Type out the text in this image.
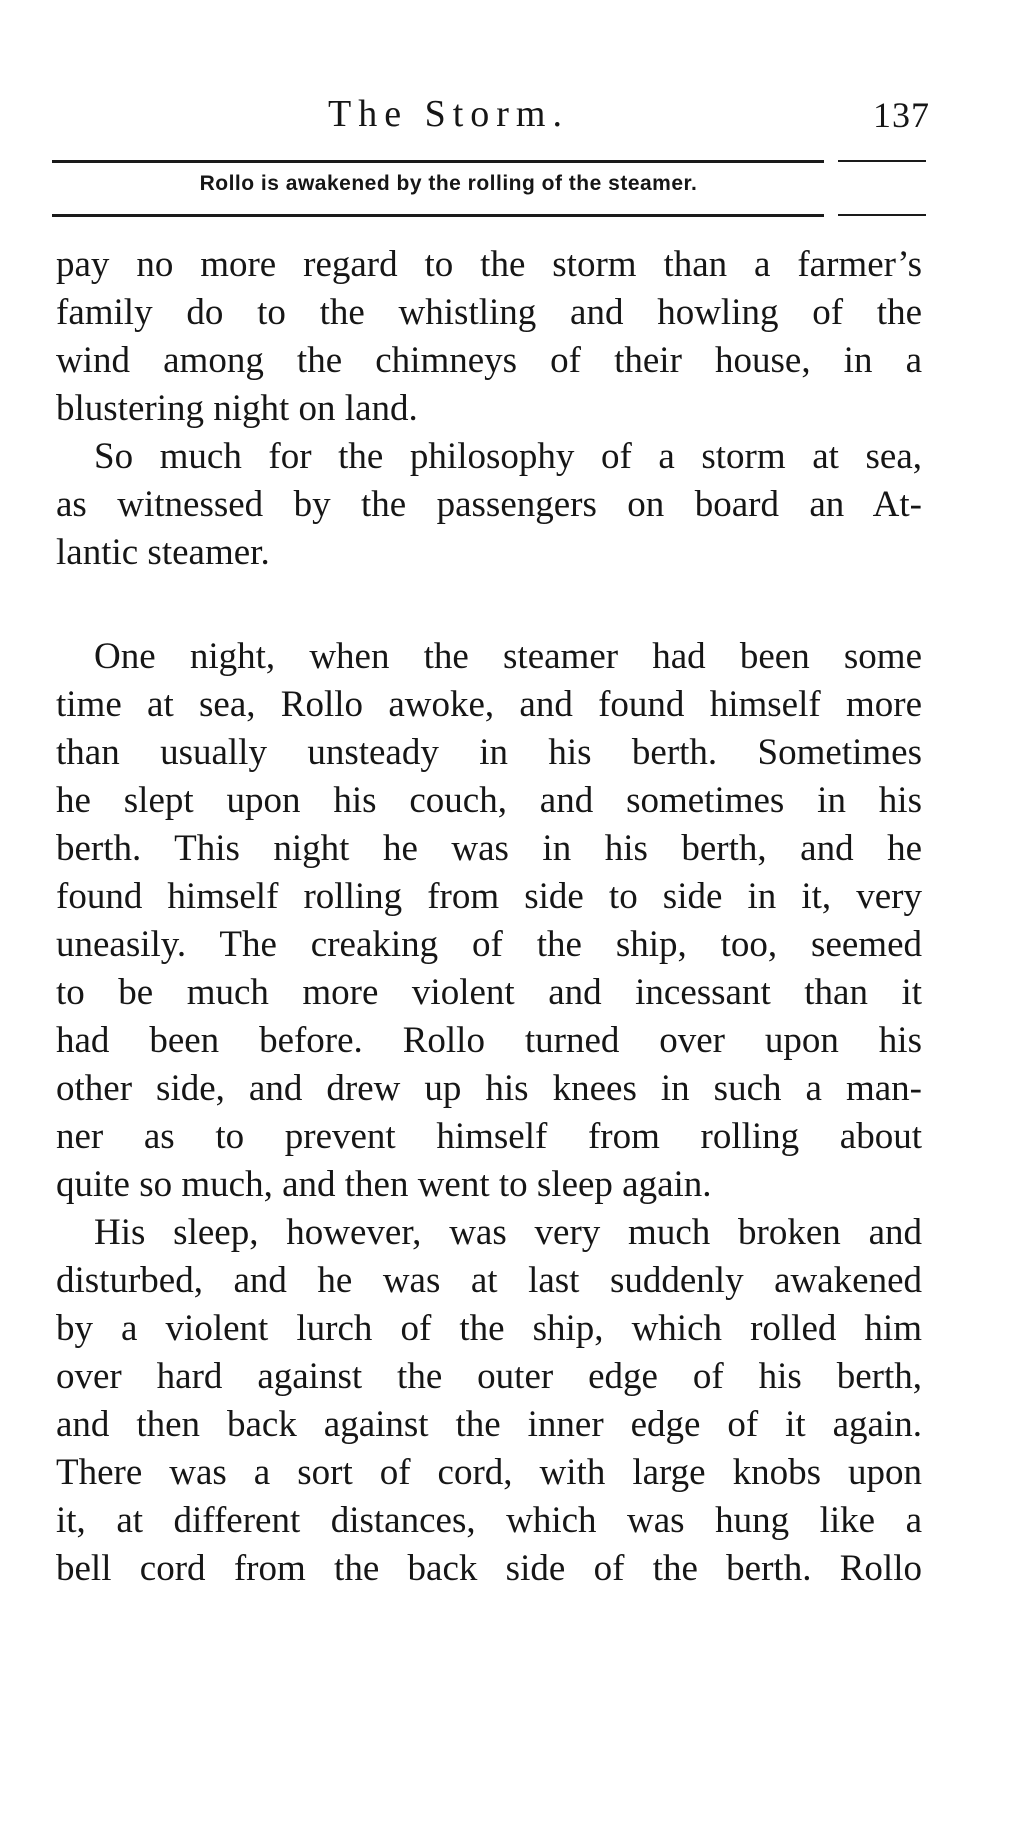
The Storm.	137
Rollo is awakened by the rolling of the steamer.
pay no more regard to the storm than a farmer’s
family do to the whistling and howling of the
wind among the chimneys of their house, in a
blustering night on land.
So much for the philosophy of a storm at sea,
as witnessed by the passengers on board an At-
lantic steamer.
One night, when the steamer had been some
time at sea, Rollo awoke, and found himself more
than usually unsteady in his berth. Sometimes
he slept upon his couch, and sometimes in his
berth. This night he was in his berth, and he
found himself rolling from side to side in it, very
uneasily. The creaking of the ship, too, seemed
to be much more violent and incessant than it
had been before. Rollo turned over upon his
other side, and drew up his knees in such a man-
ner as to prevent himself from rolling about
quite so much, and then went to sleep again.
His sleep, however, was very much broken and
disturbed, and he was at last suddenly awakened
by a violent lurch of the ship, which rolled him
over hard against the outer edge of his berth,
and then back against the inner edge of it again.
There was a sort of cord, with large knobs upon
it, at different distances, which was hung like a
bell cord from the back side of the berth. Rollo
